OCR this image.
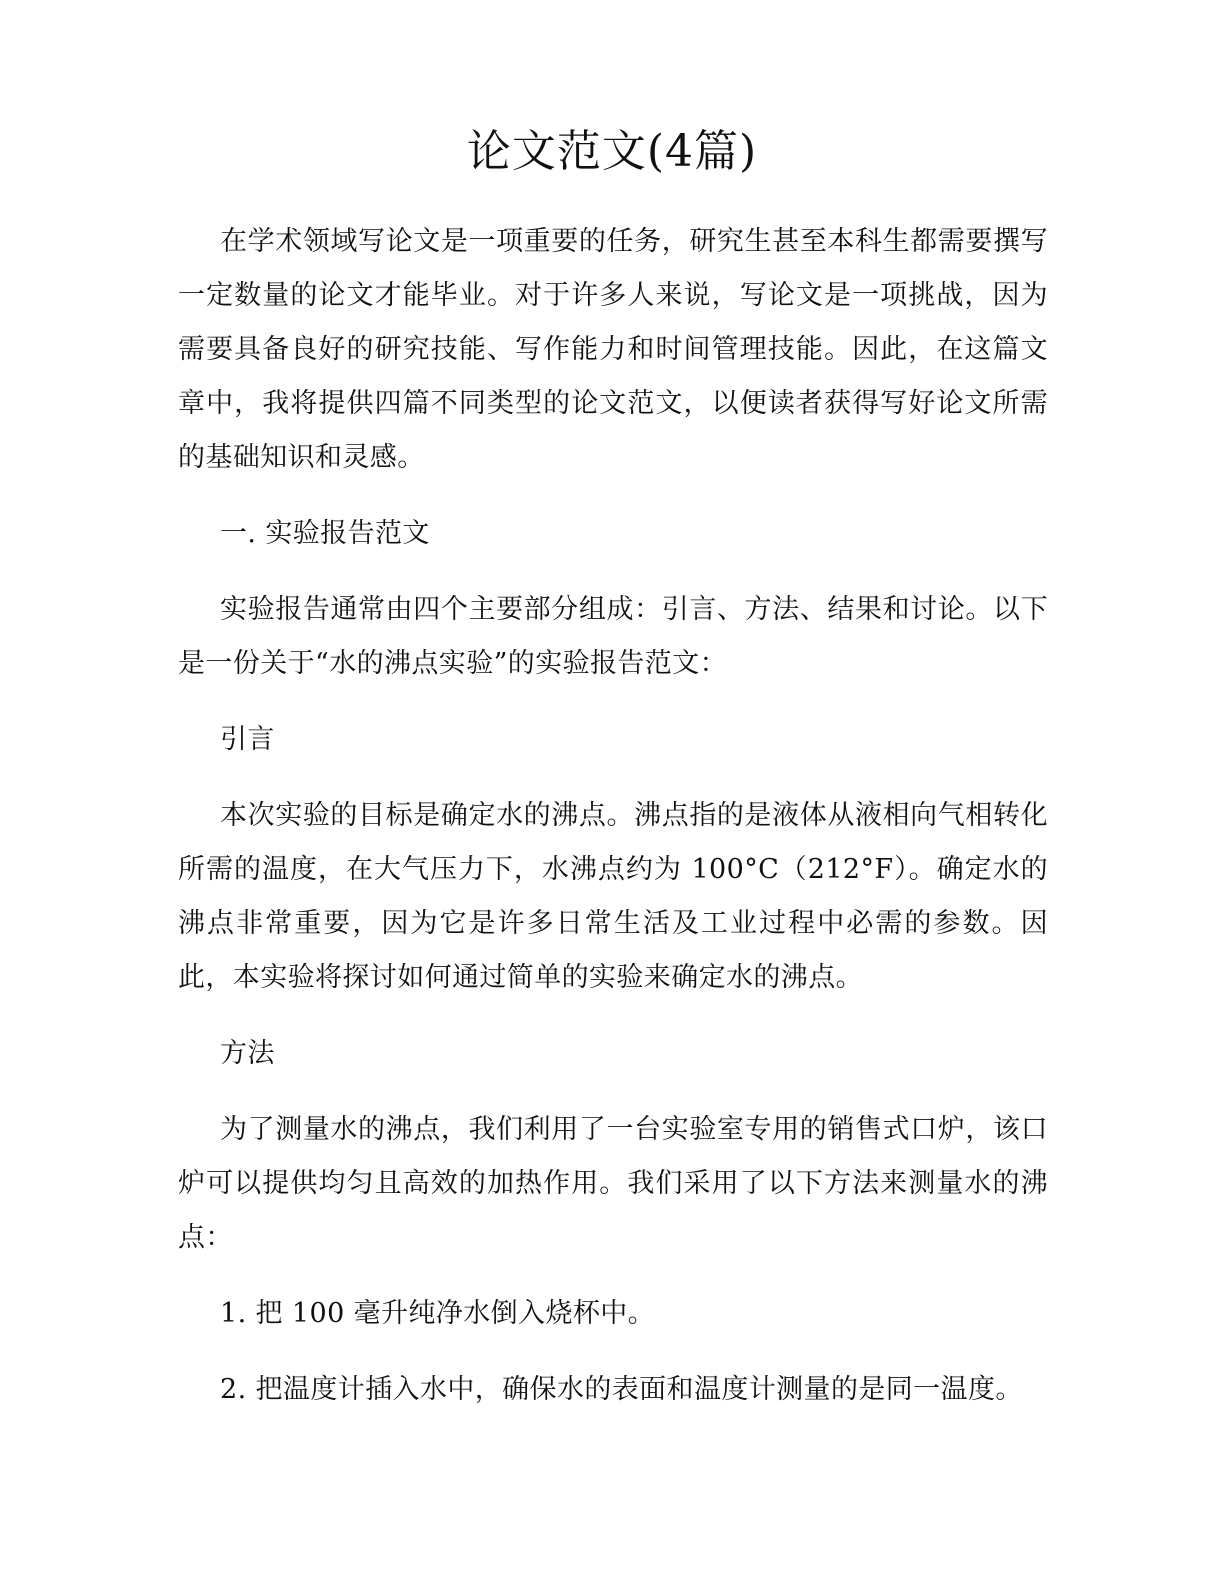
论文范文(4篇)

在学术领域写论文是一项重要的任务，研究生甚至本科生都需要撰写一定数量的论文才能毕业。对于许多人来说，写论文是一项挑战，因为需要具备良好的研究技能、写作能力和时间管理技能。因此，在这篇文章中，我将提供四篇不同类型的论文范文，以便读者获得写好论文所需的基础知识和灵感。

一. 实验报告范文

实验报告通常由四个主要部分组成：引言、方法、结果和讨论。以下是一份关于“水的沸点实验”的实验报告范文：

引言

本次实验的目标是确定水的沸点。沸点指的是液体从液相向气相转化所需的温度，在大气压力下，水沸点约为 100°C（212°F）。确定水的沸点非常重要，因为它是许多日常生活及工业过程中必需的参数。因此，本实验将探讨如何通过简单的实验来确定水的沸点。

方法

为了测量水的沸点，我们利用了一台实验室专用的销售式口炉，该口炉可以提供均匀且高效的加热作用。我们采用了以下方法来测量水的沸点：

1. 把 100 毫升纯净水倒入烧杯中。

2. 把温度计插入水中，确保水的表面和温度计测量的是同一温度。
